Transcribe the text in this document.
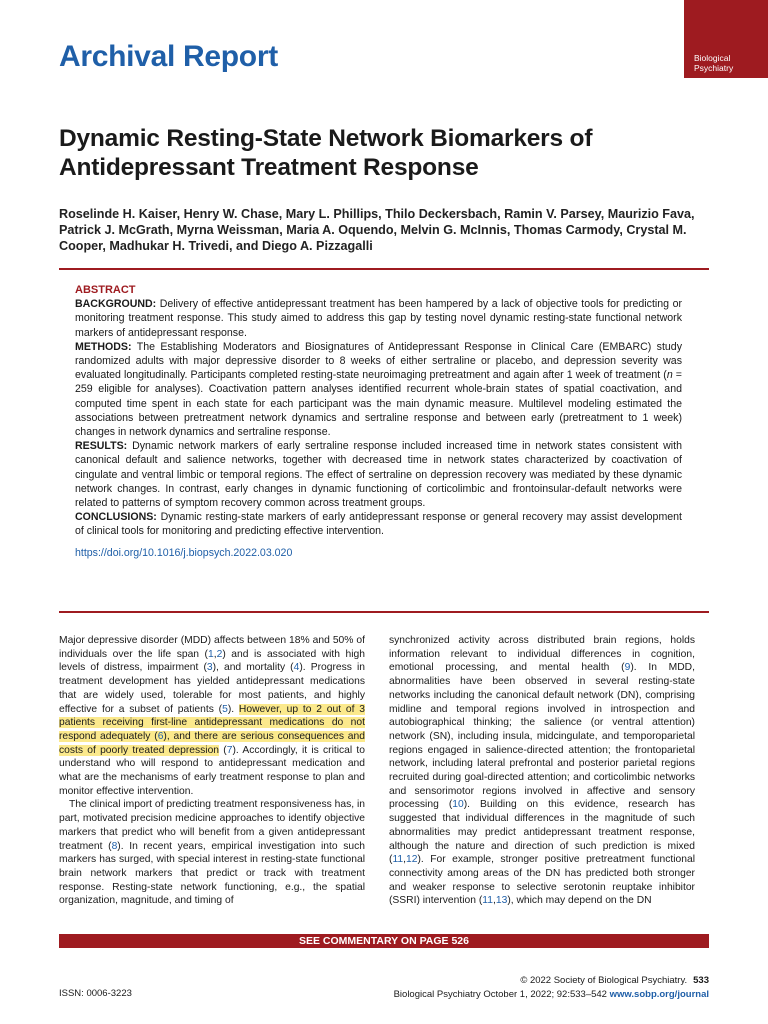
Archival Report	Biological
Psychiatry
Dynamic Resting-State Network Biomarkers of Antidepressant Treatment Response

Roselinde H. Kaiser, Henry W. Chase, Mary L. Phillips, Thilo Deckersbach, Ramin V. Parsey, Maurizio Fava, Patrick J. McGrath, Myrna Weissman, Maria A. Oquendo, Melvin G. McInnis, Thomas Carmody, Crystal M. Cooper, Madhukar H. Trivedi, and Diego A. Pizzagalli

ABSTRACT

BACKGROUND: Delivery of effective antidepressant treatment has been hampered by a lack of objective tools for predicting or monitoring treatment response. This study aimed to address this gap by testing novel dynamic resting-state functional network markers of antidepressant response.

METHODS: The Establishing Moderators and Biosignatures of Antidepressant Response in Clinical Care (EMBARC) study randomized adults with major depressive disorder to 8 weeks of either sertraline or placebo, and depression severity was evaluated longitudinally. Participants completed resting-state neuroimaging pretreatment and again after 1 week of treatment (n = 259 eligible for analyses). Coactivation pattern analyses identified recurrent whole-brain states of spatial coactivation, and computed time spent in each state for each participant was the main dynamic measure. Multilevel modeling estimated the associations between pretreatment network dynamics and sertraline response and between early (pretreatment to 1 week) changes in network dynamics and sertraline response.

RESULTS: Dynamic network markers of early sertraline response included increased time in network states consistent with canonical default and salience networks, together with decreased time in network states characterized by coactivation of cingulate and ventral limbic or temporal regions. The effect of sertraline on depression recovery was mediated by these dynamic network changes. In contrast, early changes in dynamic functioning of corticolimbic and frontoinsular-default networks were related to patterns of symptom recovery common across treatment groups.

CONCLUSIONS: Dynamic resting-state markers of early antidepressant response or general recovery may assist development of clinical tools for monitoring and predicting effective intervention.

https://doi.org/10.1016/j.biopsych.2022.03.020

Major depressive disorder (MDD) affects between 18% and 50% of individuals over the life span (1,2) and is associated with high levels of distress, impairment (3), and mortality (4). Progress in treatment development has yielded antidepressant medications that are widely used, tolerable for most patients, and highly effective for a subset of patients (5). However, up to 2 out of 3 patients receiving first-line antidepressant medications do not respond adequately (6), and there are serious consequences and costs of poorly treated depression (7). Accordingly, it is critical to understand who will respond to antidepressant medication and what are the mechanisms of early treatment response to plan and monitor effective intervention.

The clinical import of predicting treatment responsiveness has, in part, motivated precision medicine approaches to identify objective markers that predict who will benefit from a given antidepressant treatment (8). In recent years, empirical investigation into such markers has surged, with special interest in resting-state functional brain network markers that predict or track with treatment response. Resting-state network functioning, e.g., the spatial organization, magnitude, and timing of

synchronized activity across distributed brain regions, holds information relevant to individual differences in cognition, emotional processing, and mental health (9). In MDD, abnormalities have been observed in several resting-state networks including the canonical default network (DN), comprising midline and temporal regions involved in introspection and autobiographical thinking; the salience (or ventral attention) network (SN), including insula, midcingulate, and temporoparietal regions engaged in salience-directed attention; the frontoparietal network, including lateral prefrontal and posterior parietal regions recruited during goal-directed attention; and corticolimbic networks and sensorimotor regions involved in affective and sensory processing (10). Building on this evidence, research has suggested that individual differences in the magnitude of such abnormalities may predict antidepressant treatment response, although the nature and direction of such prediction is mixed (11,12). For example, stronger positive pretreatment functional connectivity among areas of the DN has predicted both stronger and weaker response to selective serotonin reuptake inhibitor (SSRI) intervention (11,13), which may depend on the DN

SEE COMMENTARY ON PAGE 526
© 2022 Society of Biological Psychiatry. 533
Biological Psychiatry October 1, 2022; 92:533–542 www.sobp.org/journal
ISSN: 0006-3223
